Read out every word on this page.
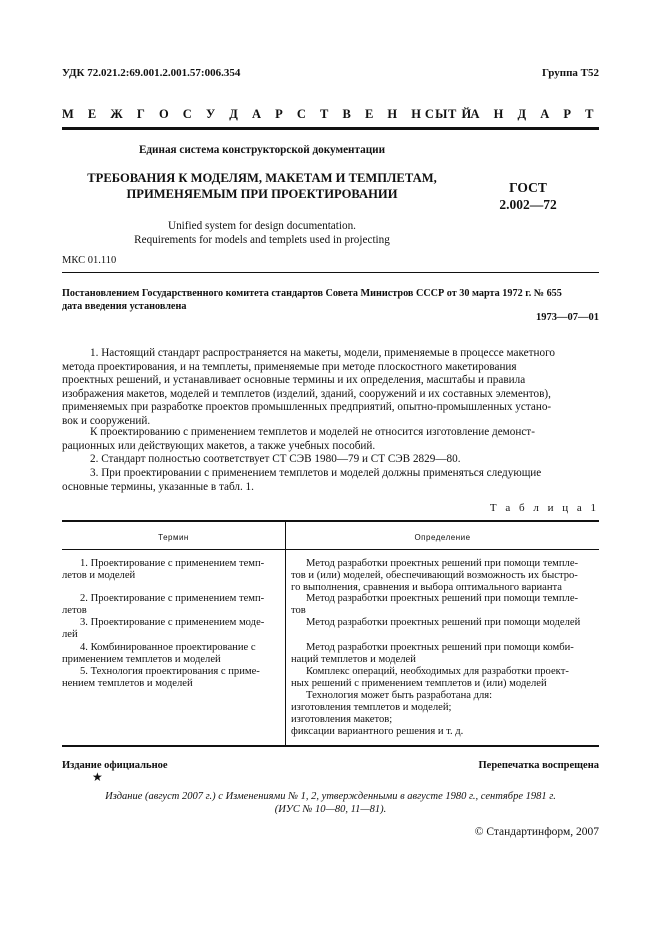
УДК 72.021.2:69.001.2.001.57:006.354	Группа Т52
М Е Ж Г О С У Д А Р С Т В Е Н Н Ы Й
С Т А Н Д А Р Т
Единая система конструкторской документации
ТРЕБОВАНИЯ К МОДЕЛЯМ, МАКЕТАМ И ТЕМПЛЕТАМ,
ПРИМЕНЯЕМЫМ ПРИ ПРОЕКТИРОВАНИИ
Unified system for design documentation.
Requirements for models and templets used in projecting
ГОСТ
2.002—72
МКС 01.110
Постановлением Государственного комитета стандартов Совета Министров СССР от 30 марта 1972 г. № 655
дата введения установлена
1973—07—01
1. Настоящий стандарт распространяется на макеты, модели, применяемые в процессе макетного
метода проектирования, и на темплеты, применяемые при методе плоскостного макетирования
проектных решений, и устанавливает основные термины и их определения, масштабы и правила
изображения макетов, моделей и темплетов (изделий, зданий, сооружений и их составных элементов),
применяемых при разработке проектов промышленных предприятий, опытно-промышленных устано-
вок и сооружений.
К проектированию с применением темплетов и моделей не относится изготовление демонст-
рационных или действующих макетов, а также учебных пособий.
2. Стандарт полностью соответствует СТ СЭВ 1980—79 и СТ СЭВ 2829—80.
3. При проектировании с применением темплетов и моделей должны применяться следующие
основные термины, указанные в табл. 1.
Т а б л и ц а 1
Термин	Определение
1. Проектирование с применением темп-
летов и моделей
2. Проектирование с применением темп-
летов
3. Проектирование с применением моде-
лей
4. Комбинированное проектирование с
применением темплетов и моделей
5. Технология проектирования с приме-
нением темплетов и моделей
Метод разработки проектных решений при помощи темпле-
тов и (или) моделей, обеспечивающий возможность их быстро-
го выполнения, сравнения и выбора оптимального варианта
Метод разработки проектных решений при помощи темпле-
тов
Метод разработки проектных решений при помощи моделей
Метод разработки проектных решений при помощи комби-
наций темплетов и моделей
Комплекс операций, необходимых для разработки проект-
ных решений с применением темплетов и (или) моделей
Технология может быть разработана для:
изготовления темплетов и моделей;
изготовления макетов;
фиксации вариантного решения и т. д.
Издание официальное
★
Перепечатка воспрещена
Издание (август 2007 г.) с Изменениями № 1, 2, утвержденными в августе 1980 г., сентябре 1981 г.
(ИУС № 10—80, 11—81).
© Стандартинформ, 2007
